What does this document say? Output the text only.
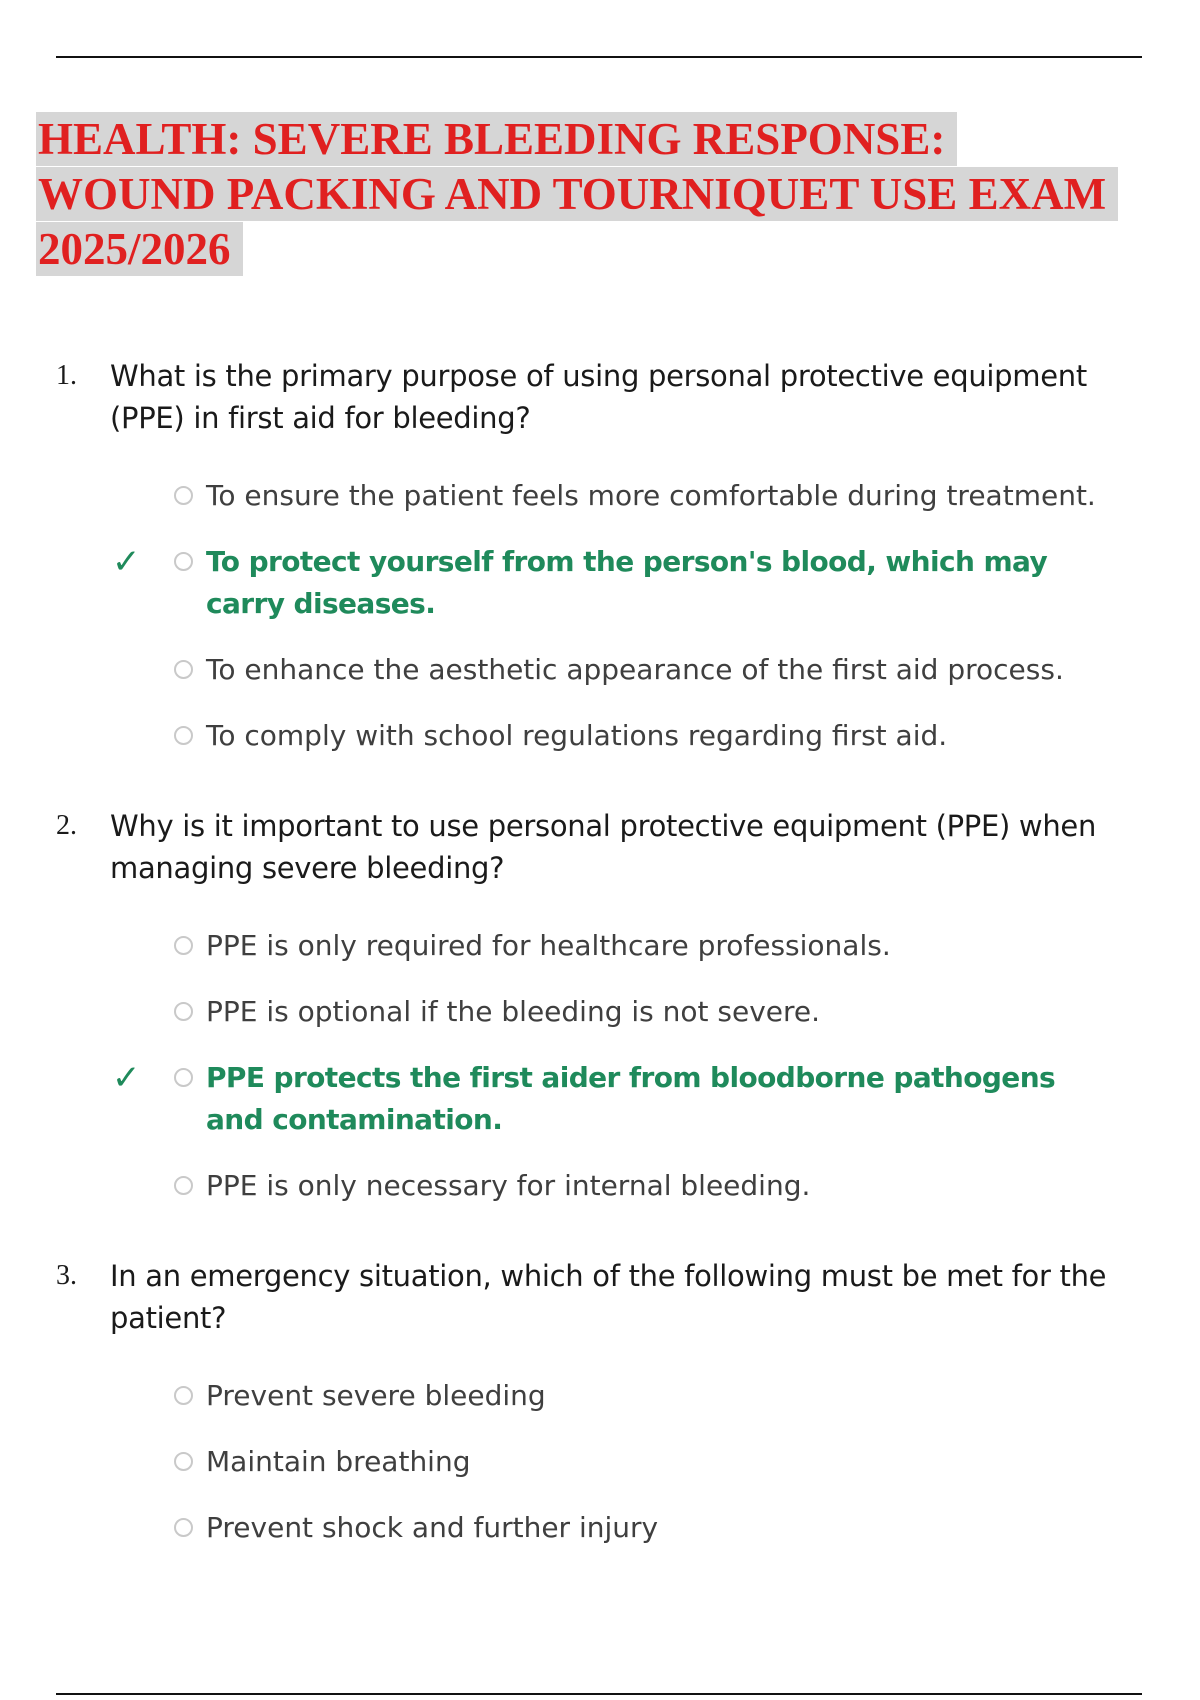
HEALTH: SEVERE BLEEDING RESPONSE:
WOUND PACKING AND TOURNIQUET USE EXAM
2025/2026
1. What is the primary purpose of using personal protective equipment (PPE) in first aid for bleeding?
To ensure the patient feels more comfortable during treatment.
✓ To protect yourself from the person's blood, which may carry diseases.
To enhance the aesthetic appearance of the first aid process.
To comply with school regulations regarding first aid.
2. Why is it important to use personal protective equipment (PPE) when managing severe bleeding?
PPE is only required for healthcare professionals.
PPE is optional if the bleeding is not severe.
✓ PPE protects the first aider from bloodborne pathogens and contamination.
PPE is only necessary for internal bleeding.
3. In an emergency situation, which of the following must be met for the patient?
Prevent severe bleeding
Maintain breathing
Prevent shock and further injury
